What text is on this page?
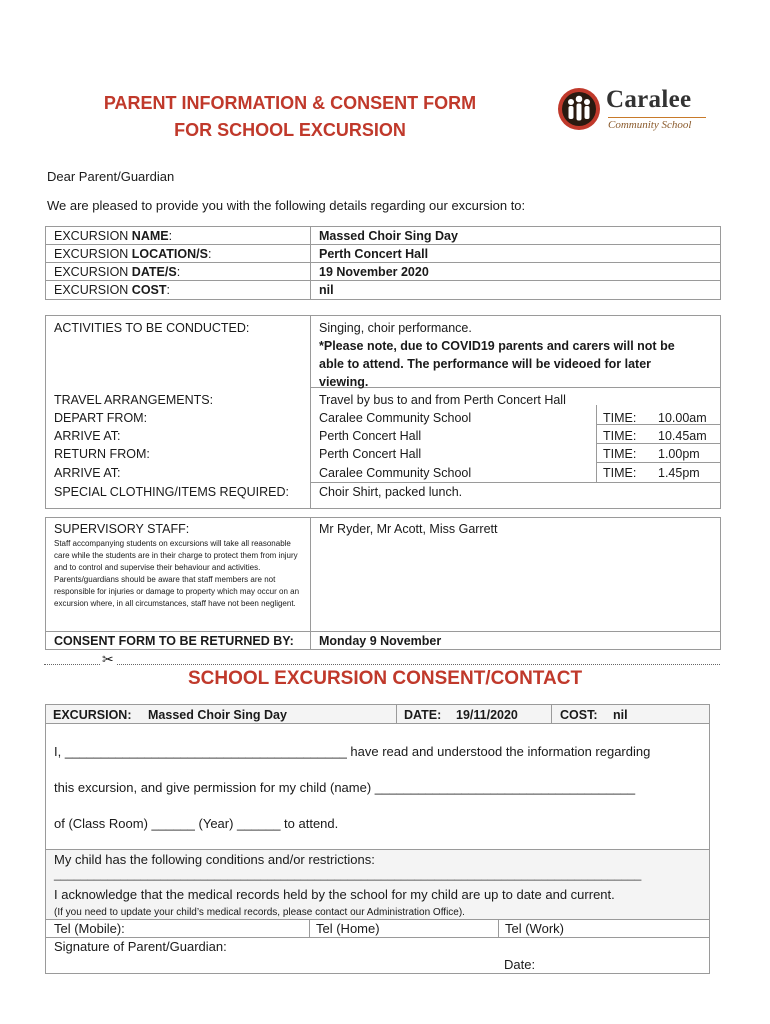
PARENT INFORMATION & CONSENT FORM
FOR SCHOOL EXCURSION
Caralee
Community School
Dear Parent/Guardian
We are pleased to provide you with the following details regarding our excursion to:
EXCURSION NAME:	Massed Choir Sing Day
EXCURSION LOCATION/S:	Perth Concert Hall
EXCURSION DATE/S:	19 November 2020
EXCURSION COST:	nil
ACTIVITIES TO BE CONDUCTED:	Singing, choir performance.
*Please note, due to COVID19 parents and carers will not be
able to attend. The performance will be videoed for later
viewing.
TRAVEL ARRANGEMENTS:	Travel by bus to and from Perth Concert Hall
DEPART FROM:	Caralee Community School	TIME: 10.00am
ARRIVE AT:	Perth Concert Hall	TIME: 10.45am
RETURN FROM:	Perth Concert Hall	TIME: 1.00pm
ARRIVE AT:	Caralee Community School	TIME: 1.45pm
SPECIAL CLOTHING/ITEMS REQUIRED: Choir Shirt, packed lunch.
SUPERVISORY STAFF:	Mr Ryder, Mr Acott, Miss Garrett
Staff accompanying students on excursions will take all reasonable care while the students are in their charge to protect them from injury and to control and supervise their behaviour and activities. Parents/guardians should be aware that staff members are not responsible for injuries or damage to property which may occur on an excursion where, in all circumstances, staff have not been negligent.
CONSENT FORM TO BE RETURNED BY: Monday 9 November
✂
SCHOOL EXCURSION CONSENT/CONTACT
EXCURSION: Massed Choir Sing Day	DATE: 19/11/2020	COST: nil
I, _______________________________________ have read and understood the information regarding
this excursion, and give permission for my child (name) ____________________________________
of (Class Room) ______ (Year) ______ to attend.
My child has the following conditions and/or restrictions:
________________________________________________________________________________________
I acknowledge that the medical records held by the school for my child are up to date and current.
(If you need to update your child’s medical records, please contact our Administration Office).
Tel (Mobile):	Tel (Home)	Tel (Work)
Signature of Parent/Guardian:
Date:
